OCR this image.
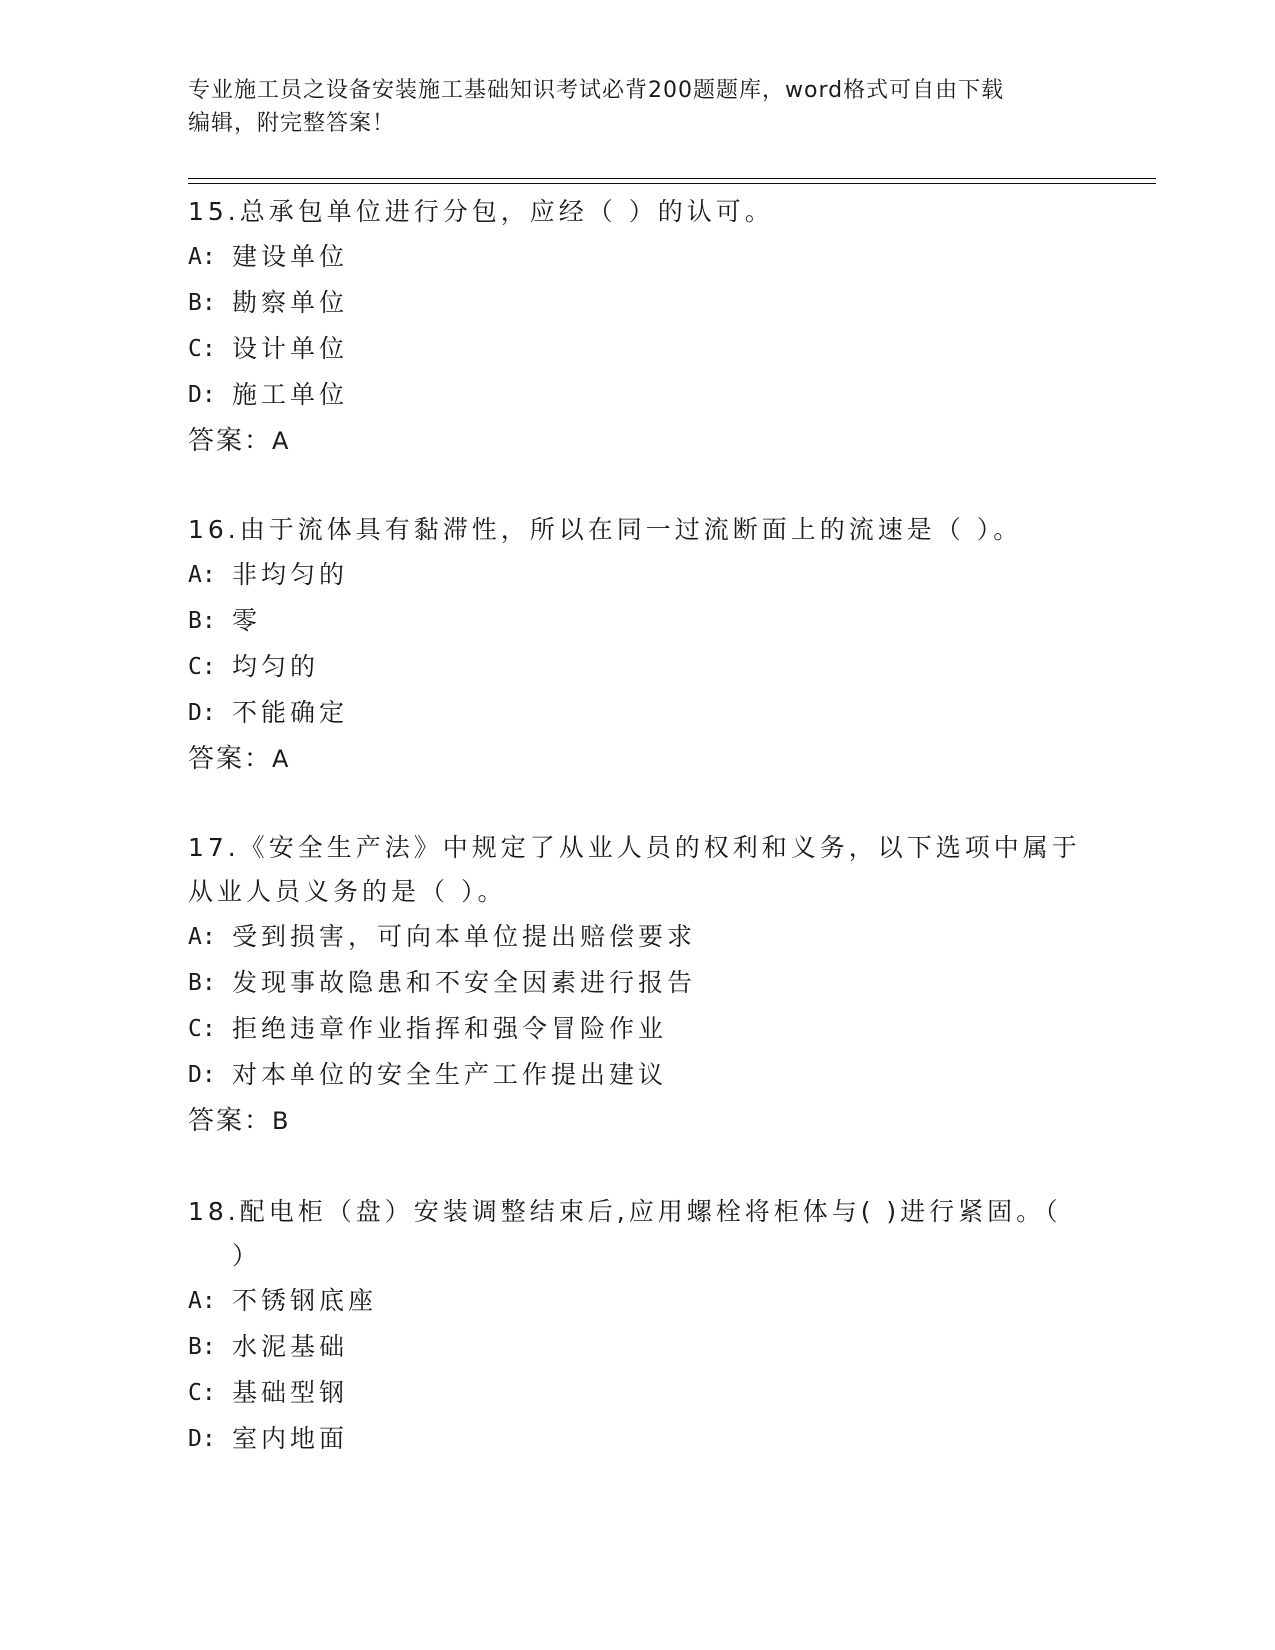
专业施工员之设备安装施工基础知识考试必背200题题库，word格式可自由下载
编辑，附完整答案！

15.总承包单位进行分包，应经（ ）的认可。

A: 建设单位

B: 勘察单位

C: 设计单位

D: 施工单位

答案：A

16.由于流体具有黏滞性，所以在同一过流断面上的流速是（ ）。

A: 非均匀的

B: 零

C: 均匀的

D: 不能确定

答案：A

17.《安全生产法》中规定了从业人员的权利和义务，以下选项中属于
从业人员义务的是（ ）。

A: 受到损害，可向本单位提出赔偿要求

B: 发现事故隐患和不安全因素进行报告

C: 拒绝违章作业指挥和强令冒险作业

D: 对本单位的安全生产工作提出建议

答案：B

18.配电柜（盘）安装调整结束后,应用螺栓将柜体与( )进行紧固。（
）

A: 不锈钢底座

B: 水泥基础

C: 基础型钢

D: 室内地面
